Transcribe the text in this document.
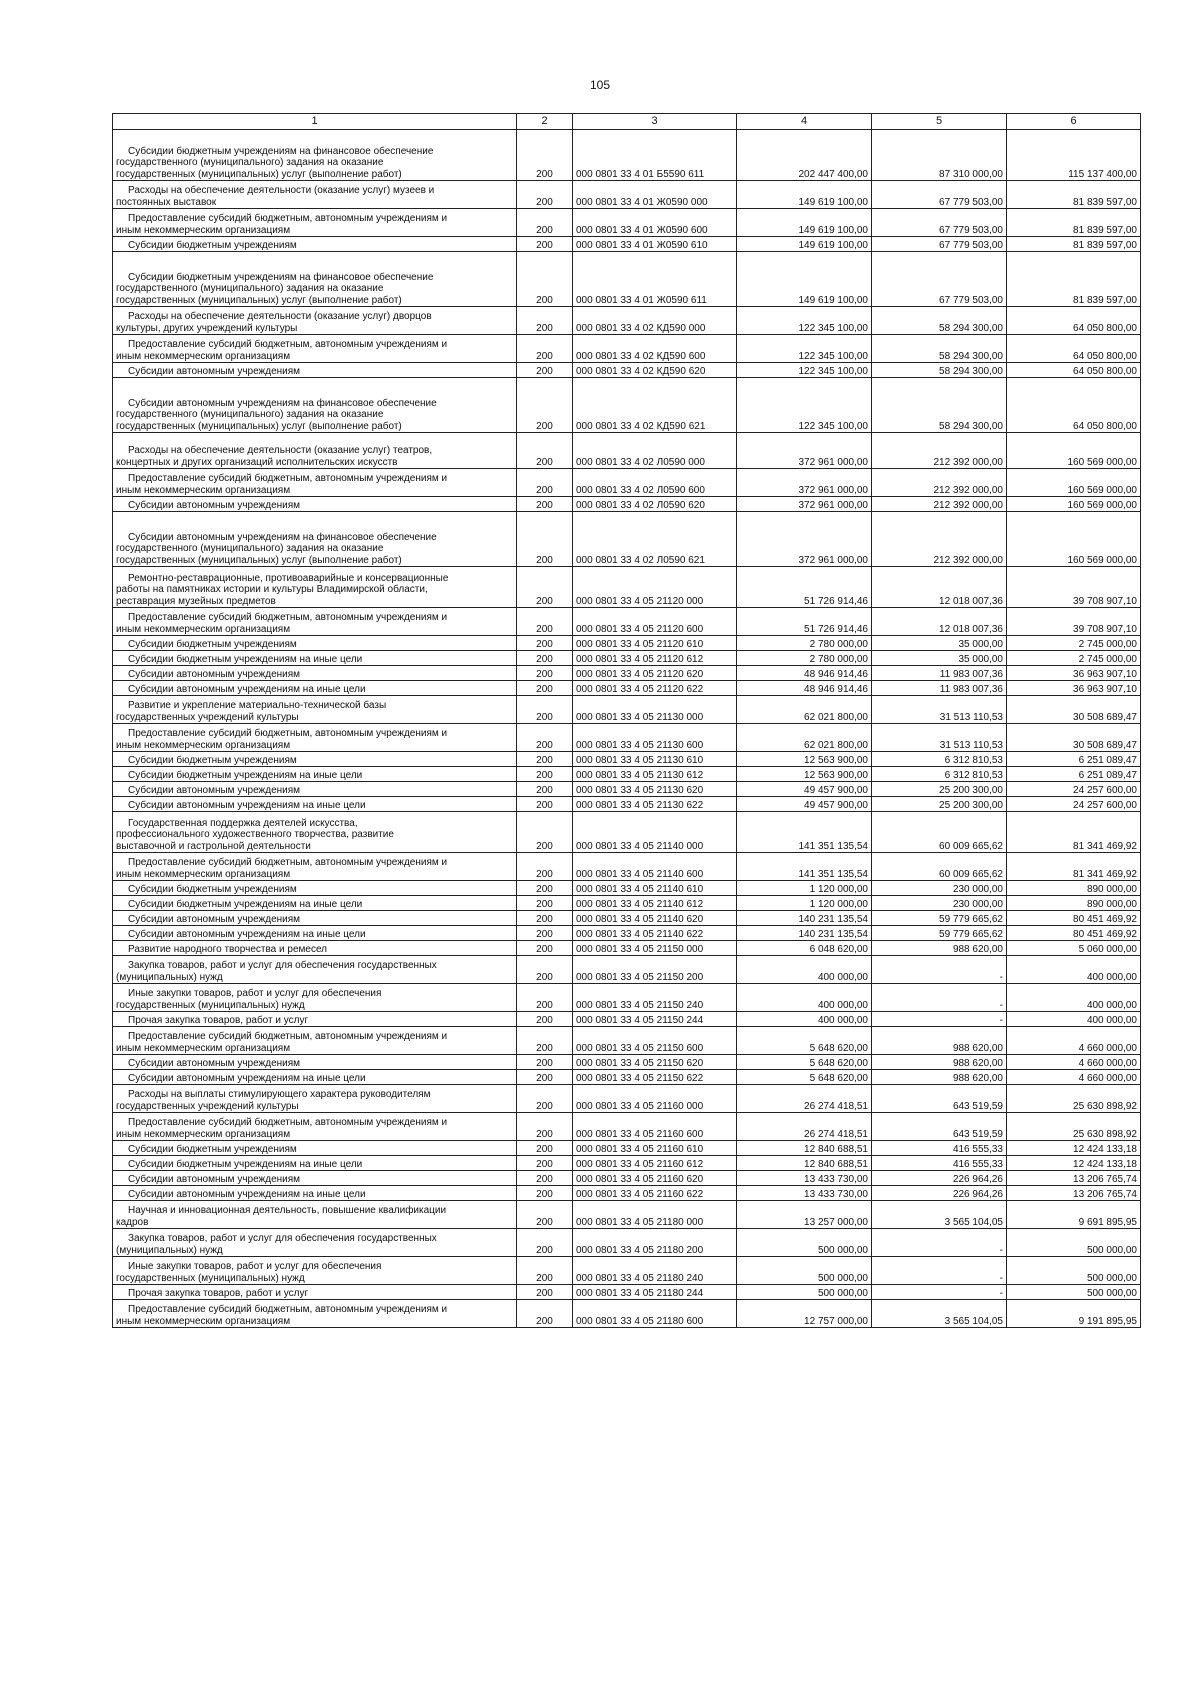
105
1	2	3	4	5	6

Субсидии бюджетным учреждениям на финансовое обеспечение
государственного (муниципального) задания на оказание
государственных (муниципальных) услуг (выполнение работ)	200	000 0801 33 4 01 Б5590 611	202 447 400,00	87 310 000,00	115 137 400,00

Расходы на обеспечение деятельности (оказание услуг) музеев и
постоянных выставок	200	000 0801 33 4 01 Ж0590 000	149 619 100,00	67 779 503,00	81 839 597,00

Предоставление субсидий бюджетным, автономным учреждениям и
иным некоммерческим организациям	200	000 0801 33 4 01 Ж0590 600	149 619 100,00	67 779 503,00	81 839 597,00

Субсидии бюджетным учреждениям	200	000 0801 33 4 01 Ж0590 610	149 619 100,00	67 779 503,00	81 839 597,00

Субсидии бюджетным учреждениям на финансовое обеспечение
государственного (муниципального) задания на оказание
государственных (муниципальных) услуг (выполнение работ)	200	000 0801 33 4 01 Ж0590 611	149 619 100,00	67 779 503,00	81 839 597,00

Расходы на обеспечение деятельности (оказание услуг) дворцов
культуры, других учреждений культуры	200	000 0801 33 4 02 КД590 000	122 345 100,00	58 294 300,00	64 050 800,00

Предоставление субсидий бюджетным, автономным учреждениям и
иным некоммерческим организациям	200	000 0801 33 4 02 КД590 600	122 345 100,00	58 294 300,00	64 050 800,00

Субсидии автономным учреждениям	200	000 0801 33 4 02 КД590 620	122 345 100,00	58 294 300,00	64 050 800,00

Субсидии автономным учреждениям на финансовое обеспечение
государственного (муниципального) задания на оказание
государственных (муниципальных) услуг (выполнение работ)	200	000 0801 33 4 02 КД590 621	122 345 100,00	58 294 300,00	64 050 800,00

Расходы на обеспечение деятельности (оказание услуг) театров,
концертных и других организаций исполнительских искусств	200	000 0801 33 4 02 Л0590 000	372 961 000,00	212 392 000,00	160 569 000,00

Предоставление субсидий бюджетным, автономным учреждениям и
иным некоммерческим организациям	200	000 0801 33 4 02 Л0590 600	372 961 000,00	212 392 000,00	160 569 000,00

Субсидии автономным учреждениям	200	000 0801 33 4 02 Л0590 620	372 961 000,00	212 392 000,00	160 569 000,00

Субсидии автономным учреждениям на финансовое обеспечение
государственного (муниципального) задания на оказание
государственных (муниципальных) услуг (выполнение работ)	200	000 0801 33 4 02 Л0590 621	372 961 000,00	212 392 000,00	160 569 000,00

Ремонтно-реставрационные, противоаварийные и консервационные
работы на памятниках истории и культуры Владимирской области,
реставрация музейных предметов	200	000 0801 33 4 05 21120 000	51 726 914,46	12 018 007,36	39 708 907,10

Предоставление субсидий бюджетным, автономным учреждениям и
иным некоммерческим организациям	200	000 0801 33 4 05 21120 600	51 726 914,46	12 018 007,36	39 708 907,10

Субсидии бюджетным учреждениям	200	000 0801 33 4 05 21120 610	2 780 000,00	35 000,00	2 745 000,00

Субсидии бюджетным учреждениям на иные цели	200	000 0801 33 4 05 21120 612	2 780 000,00	35 000,00	2 745 000,00

Субсидии автономным учреждениям	200	000 0801 33 4 05 21120 620	48 946 914,46	11 983 007,36	36 963 907,10

Субсидии автономным учреждениям на иные цели	200	000 0801 33 4 05 21120 622	48 946 914,46	11 983 007,36	36 963 907,10

Развитие и укрепление материально-технической базы
государственных учреждений культуры	200	000 0801 33 4 05 21130 000	62 021 800,00	31 513 110,53	30 508 689,47

Предоставление субсидий бюджетным, автономным учреждениям и
иным некоммерческим организациям	200	000 0801 33 4 05 21130 600	62 021 800,00	31 513 110,53	30 508 689,47

Субсидии бюджетным учреждениям	200	000 0801 33 4 05 21130 610	12 563 900,00	6 312 810,53	6 251 089,47

Субсидии бюджетным учреждениям на иные цели	200	000 0801 33 4 05 21130 612	12 563 900,00	6 312 810,53	6 251 089,47

Субсидии автономным учреждениям	200	000 0801 33 4 05 21130 620	49 457 900,00	25 200 300,00	24 257 600,00

Субсидии автономным учреждениям на иные цели	200	000 0801 33 4 05 21130 622	49 457 900,00	25 200 300,00	24 257 600,00

Государственная поддержка деятелей искусства,
профессионального художественного творчества, развитие
выставочной и гастрольной деятельности	200	000 0801 33 4 05 21140 000	141 351 135,54	60 009 665,62	81 341 469,92

Предоставление субсидий бюджетным, автономным учреждениям и
иным некоммерческим организациям	200	000 0801 33 4 05 21140 600	141 351 135,54	60 009 665,62	81 341 469,92

Субсидии бюджетным учреждениям	200	000 0801 33 4 05 21140 610	1 120 000,00	230 000,00	890 000,00

Субсидии бюджетным учреждениям на иные цели	200	000 0801 33 4 05 21140 612	1 120 000,00	230 000,00	890 000,00

Субсидии автономным учреждениям	200	000 0801 33 4 05 21140 620	140 231 135,54	59 779 665,62	80 451 469,92

Субсидии автономным учреждениям на иные цели	200	000 0801 33 4 05 21140 622	140 231 135,54	59 779 665,62	80 451 469,92

Развитие народного творчества и ремесел	200	000 0801 33 4 05 21150 000	6 048 620,00	988 620,00	5 060 000,00

Закупка товаров, работ и услуг для обеспечения государственных
(муниципальных) нужд	200	000 0801 33 4 05 21150 200	400 000,00	-	400 000,00

Иные закупки товаров, работ и услуг для обеспечения
государственных (муниципальных) нужд	200	000 0801 33 4 05 21150 240	400 000,00	-	400 000,00

Прочая закупка товаров, работ и услуг	200	000 0801 33 4 05 21150 244	400 000,00	-	400 000,00

Предоставление субсидий бюджетным, автономным учреждениям и
иным некоммерческим организациям	200	000 0801 33 4 05 21150 600	5 648 620,00	988 620,00	4 660 000,00

Субсидии автономным учреждениям	200	000 0801 33 4 05 21150 620	5 648 620,00	988 620,00	4 660 000,00

Субсидии автономным учреждениям на иные цели	200	000 0801 33 4 05 21150 622	5 648 620,00	988 620,00	4 660 000,00

Расходы на выплаты стимулирующего характера руководителям
государственных учреждений культуры	200	000 0801 33 4 05 21160 000	26 274 418,51	643 519,59	25 630 898,92

Предоставление субсидий бюджетным, автономным учреждениям и
иным некоммерческим организациям	200	000 0801 33 4 05 21160 600	26 274 418,51	643 519,59	25 630 898,92

Субсидии бюджетным учреждениям	200	000 0801 33 4 05 21160 610	12 840 688,51	416 555,33	12 424 133,18

Субсидии бюджетным учреждениям на иные цели	200	000 0801 33 4 05 21160 612	12 840 688,51	416 555,33	12 424 133,18

Субсидии автономным учреждениям	200	000 0801 33 4 05 21160 620	13 433 730,00	226 964,26	13 206 765,74

Субсидии автономным учреждениям на иные цели	200	000 0801 33 4 05 21160 622	13 433 730,00	226 964,26	13 206 765,74

Научная и инновационная деятельность, повышение квалификации
кадров	200	000 0801 33 4 05 21180 000	13 257 000,00	3 565 104,05	9 691 895,95

Закупка товаров, работ и услуг для обеспечения государственных
(муниципальных) нужд	200	000 0801 33 4 05 21180 200	500 000,00	-	500 000,00

Иные закупки товаров, работ и услуг для обеспечения
государственных (муниципальных) нужд	200	000 0801 33 4 05 21180 240	500 000,00	-	500 000,00

Прочая закупка товаров, работ и услуг	200	000 0801 33 4 05 21180 244	500 000,00	-	500 000,00

Предоставление субсидий бюджетным, автономным учреждениям и
иным некоммерческим организациям	200	000 0801 33 4 05 21180 600	12 757 000,00	3 565 104,05	9 191 895,95
